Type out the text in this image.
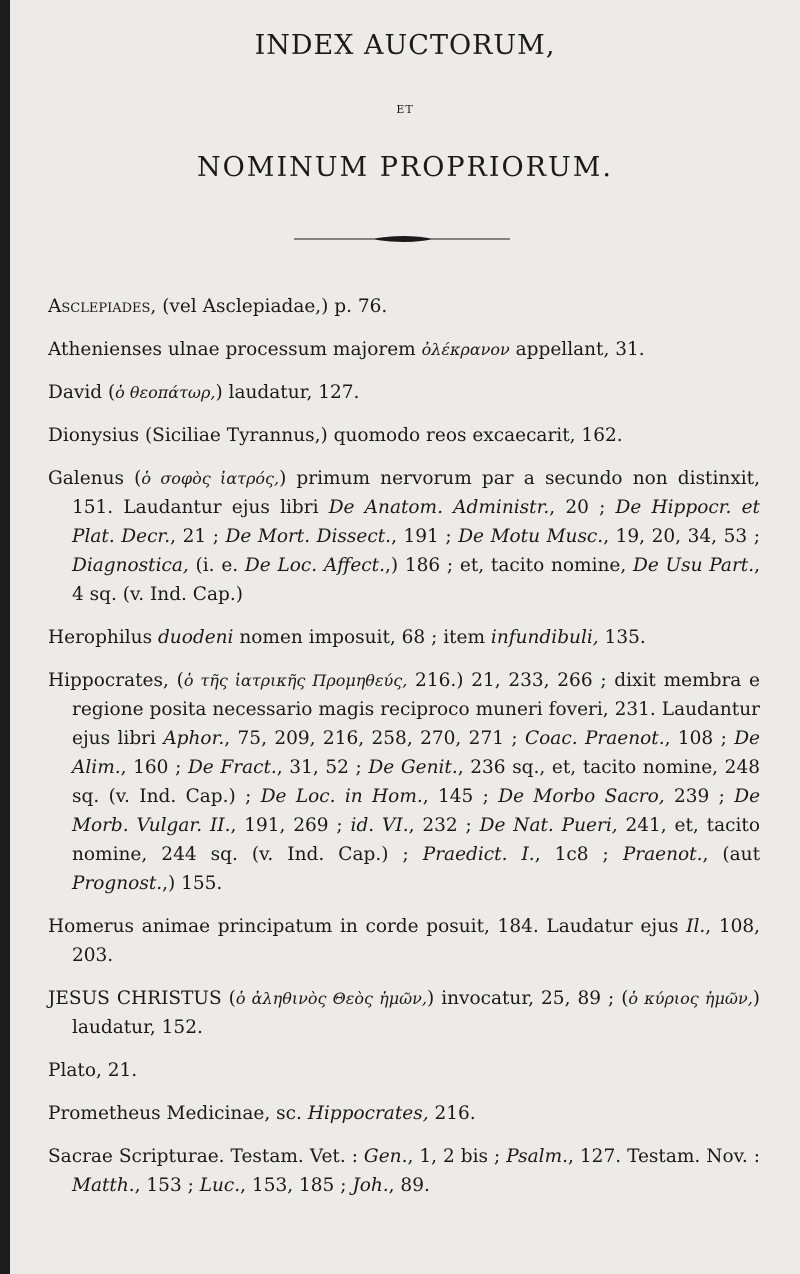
INDEX AUCTORUM,
ET
NOMINUM PROPRIORUM.

Asclepiades, (vel Asclepiadae,) p. 76.

Athenienses ulnae processum majorem ὀλέκρανον appellant, 31.

David (ὁ θεοπάτωρ,) laudatur, 127.

Dionysius (Siciliae Tyrannus,) quomodo reos excaecarit, 162.

Galenus (ὁ σοφὸς ἰατρός,) primum nervorum par a secundo non distinxit, 151. Laudantur ejus libri De Anatom. Administr., 20 ; De Hippocr. et Plat. Decr., 21 ; De Mort. Dissect., 191 ; De Motu Musc., 19, 20, 34, 53 ; Diagnostica, (i. e. De Loc. Affect.,) 186 ; et, tacito nomine, De Usu Part., 4 sq. (v. Ind. Cap.)

Herophilus duodeni nomen imposuit, 68 ; item infundibuli, 135.

Hippocrates, (ὁ τῆς ἰατρικῆς Προμηθεύς, 216.) 21, 233, 266 ; dixit membra e regione posita necessario magis reciproco muneri foveri, 231. Laudantur ejus libri Aphor., 75, 209, 216, 258, 270, 271 ; Coac. Praenot., 108 ; De Alim., 160 ; De Fract., 31, 52 ; De Genit., 236 sq., et, tacito nomine, 248 sq. (v. Ind. Cap.) ; De Loc. in Hom., 145 ; De Morbo Sacro, 239 ; De Morb. Vulgar. II., 191, 269 ; id. VI., 232 ; De Nat. Pueri, 241, et, tacito nomine, 244 sq. (v. Ind. Cap.) ; Praedict. I., 1c8 ; Praenot., (aut Prognost.,) 155.

Homerus animae principatum in corde posuit, 184. Laudatur ejus Il., 108, 203.

JESUS CHRISTUS (ὁ ἀληθινὸς Θεὸς ἡμῶν,) invocatur, 25, 89 ; (ὁ κύριος ἡμῶν,) laudatur, 152.

Plato, 21.

Prometheus Medicinae, sc. Hippocrates, 216.

Sacrae Scripturae. Testam. Vet. : Gen., 1, 2 bis ; Psalm., 127. Testam. Nov. : Matth., 153 ; Luc., 153, 185 ; Joh., 89.
